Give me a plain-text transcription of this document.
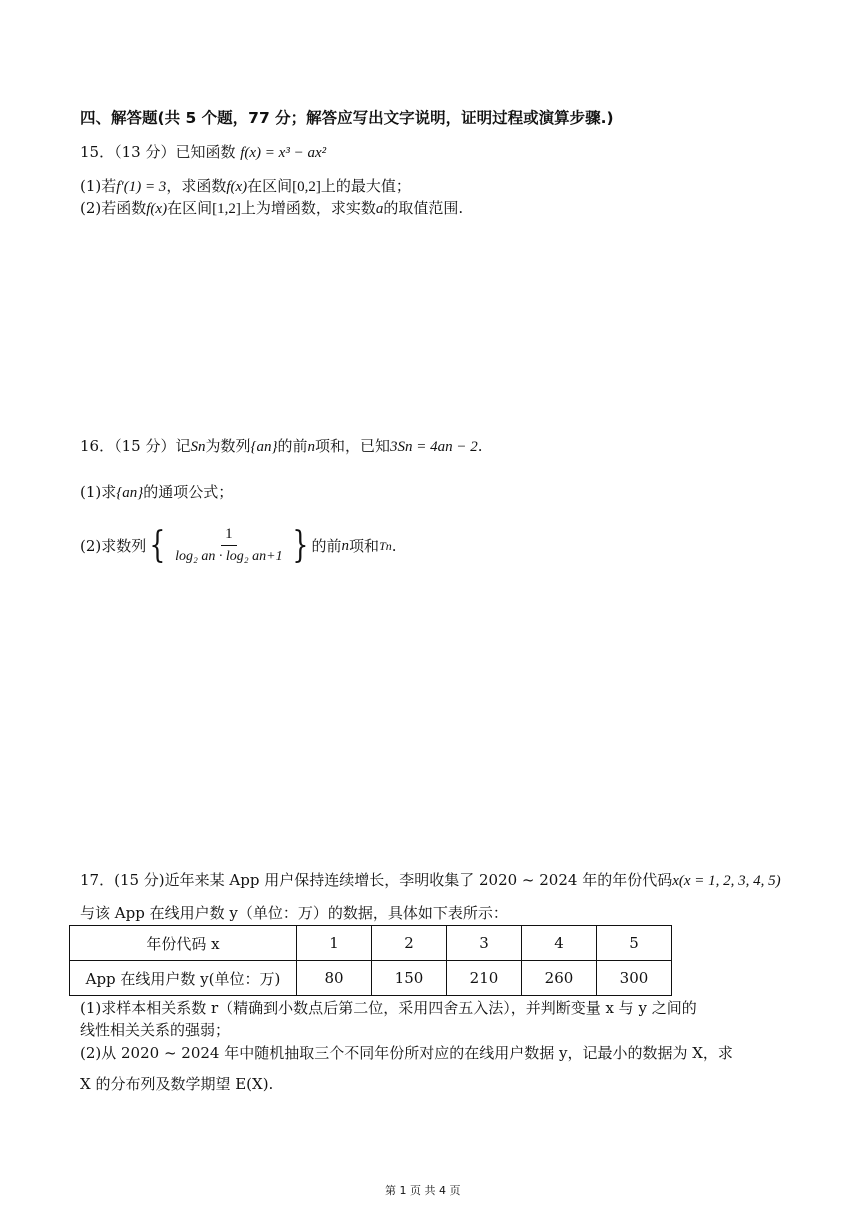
四、解答题(共 5 个题，77 分；解答应写出文字说明，证明过程或演算步骤.)
15．（13 分）已知函数 f(x) = x³ − ax²
(1)若f′(1) = 3，求函数f(x)在区间[0,2]上的最大值；
(2)若函数f(x)在区间[1,2]上为增函数，求实数a的取值范围.
16．（15 分）记Sn为数列{an}的前n项和，已知3Sn = 4an − 2.
(1)求{an}的通项公式；
(2)求数列 { $\frac{1}{\text{log₂ an · log₂ an+1}}$ } 的前 n 项和 Tn .
17．(15 分)近年来某 App 用户保持连续增长，李明收集了 2020 ~ 2024 年的年份代码x(x = 1, 2, 3, 4, 5)
与该 App 在线用户数 y（单位：万）的数据，具体如下表所示：
年份代码 x	1	2	3	4	5
App 在线用户数 y(单位：万)	80	150	210	260	300
(1)求样本相关系数 r（精确到小数点后第二位，采用四舍五入法），并判断变量 x 与 y 之间的
线性相关关系的强弱；
(2)从 2020 ~ 2024 年中随机抽取三个不同年份所对应的在线用户数据 y，记最小的数据为 X，求
X 的分布列及数学期望 E(X).
第 1 页 共 4 页
